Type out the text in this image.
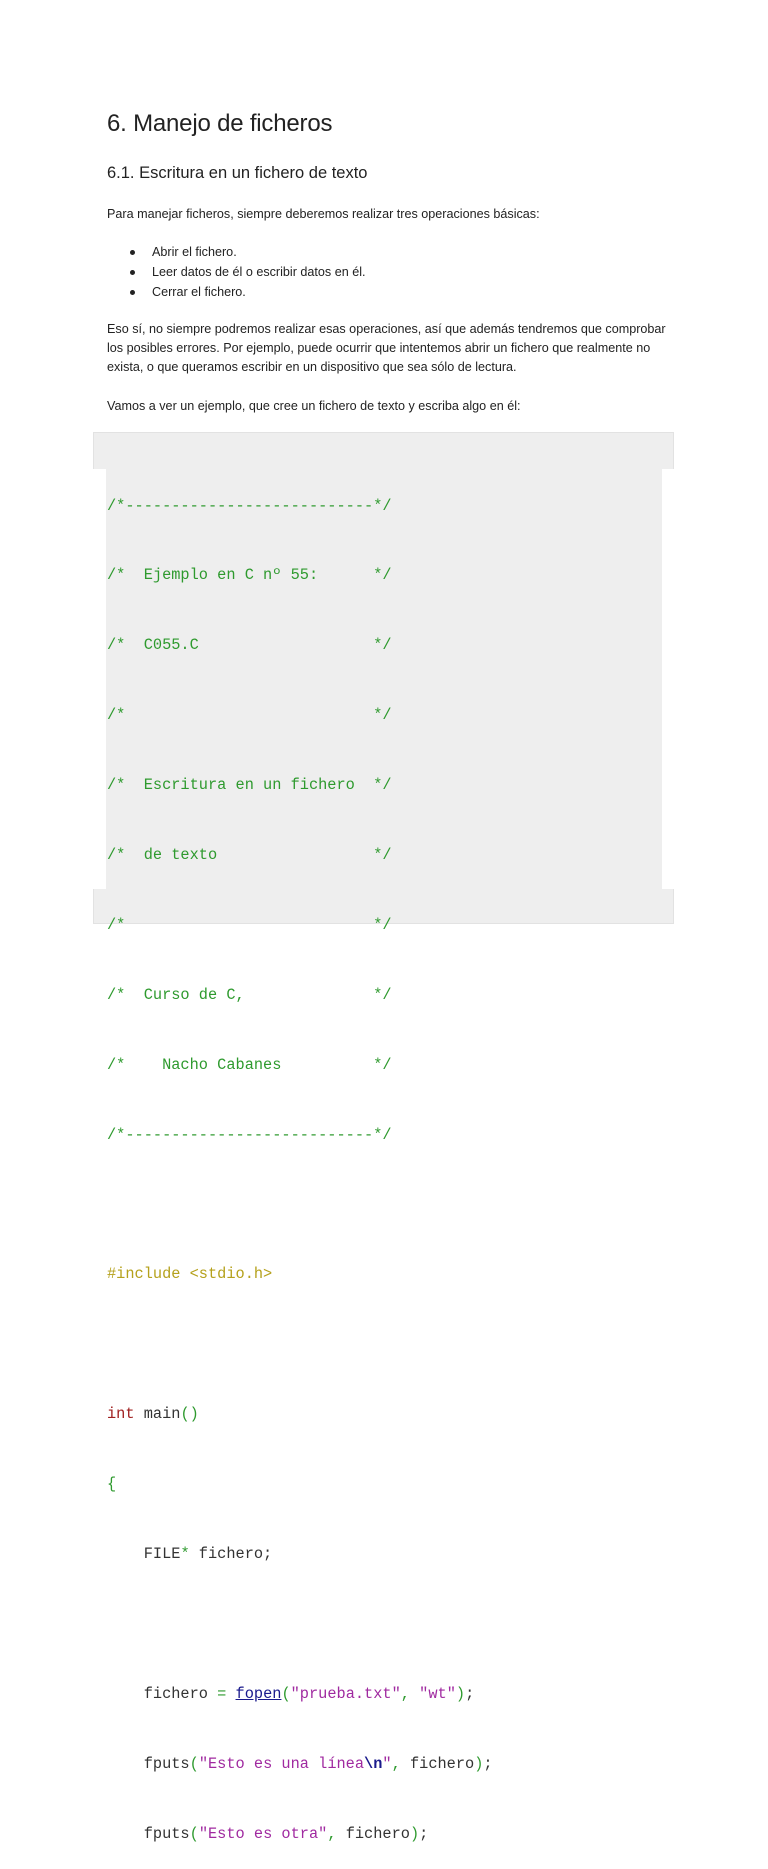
6. Manejo de ficheros
6.1. Escritura en un fichero de texto

Para manejar ficheros, siempre deberemos realizar tres operaciones básicas:

Abrir el fichero.
Leer datos de él o escribir datos en él.
Cerrar el fichero.

Eso sí, no siempre podremos realizar esas operaciones, así que además tendremos que comprobar los posibles errores. Por ejemplo, puede ocurrir que intentemos abrir un fichero que realmente no exista, o que queramos escribir en un dispositivo que sea sólo de lectura.

Vamos a ver un ejemplo, que cree un fichero de texto y escriba algo en él:

/*---------------------------*/

/*  Ejemplo en C nº 55:      */

/*  C055.C                   */

/*                           */

/*  Escritura en un fichero  */

/*  de texto                 */

/*                           */

/*  Curso de C,              */

/*    Nacho Cabanes          */

/*---------------------------*/

#include <stdio.h>

int main()

{

FILE* fichero;

fichero = fopen("prueba.txt", "wt");

fputs("Esto es una línea\n", fichero);

fputs("Esto es otra", fichero);
